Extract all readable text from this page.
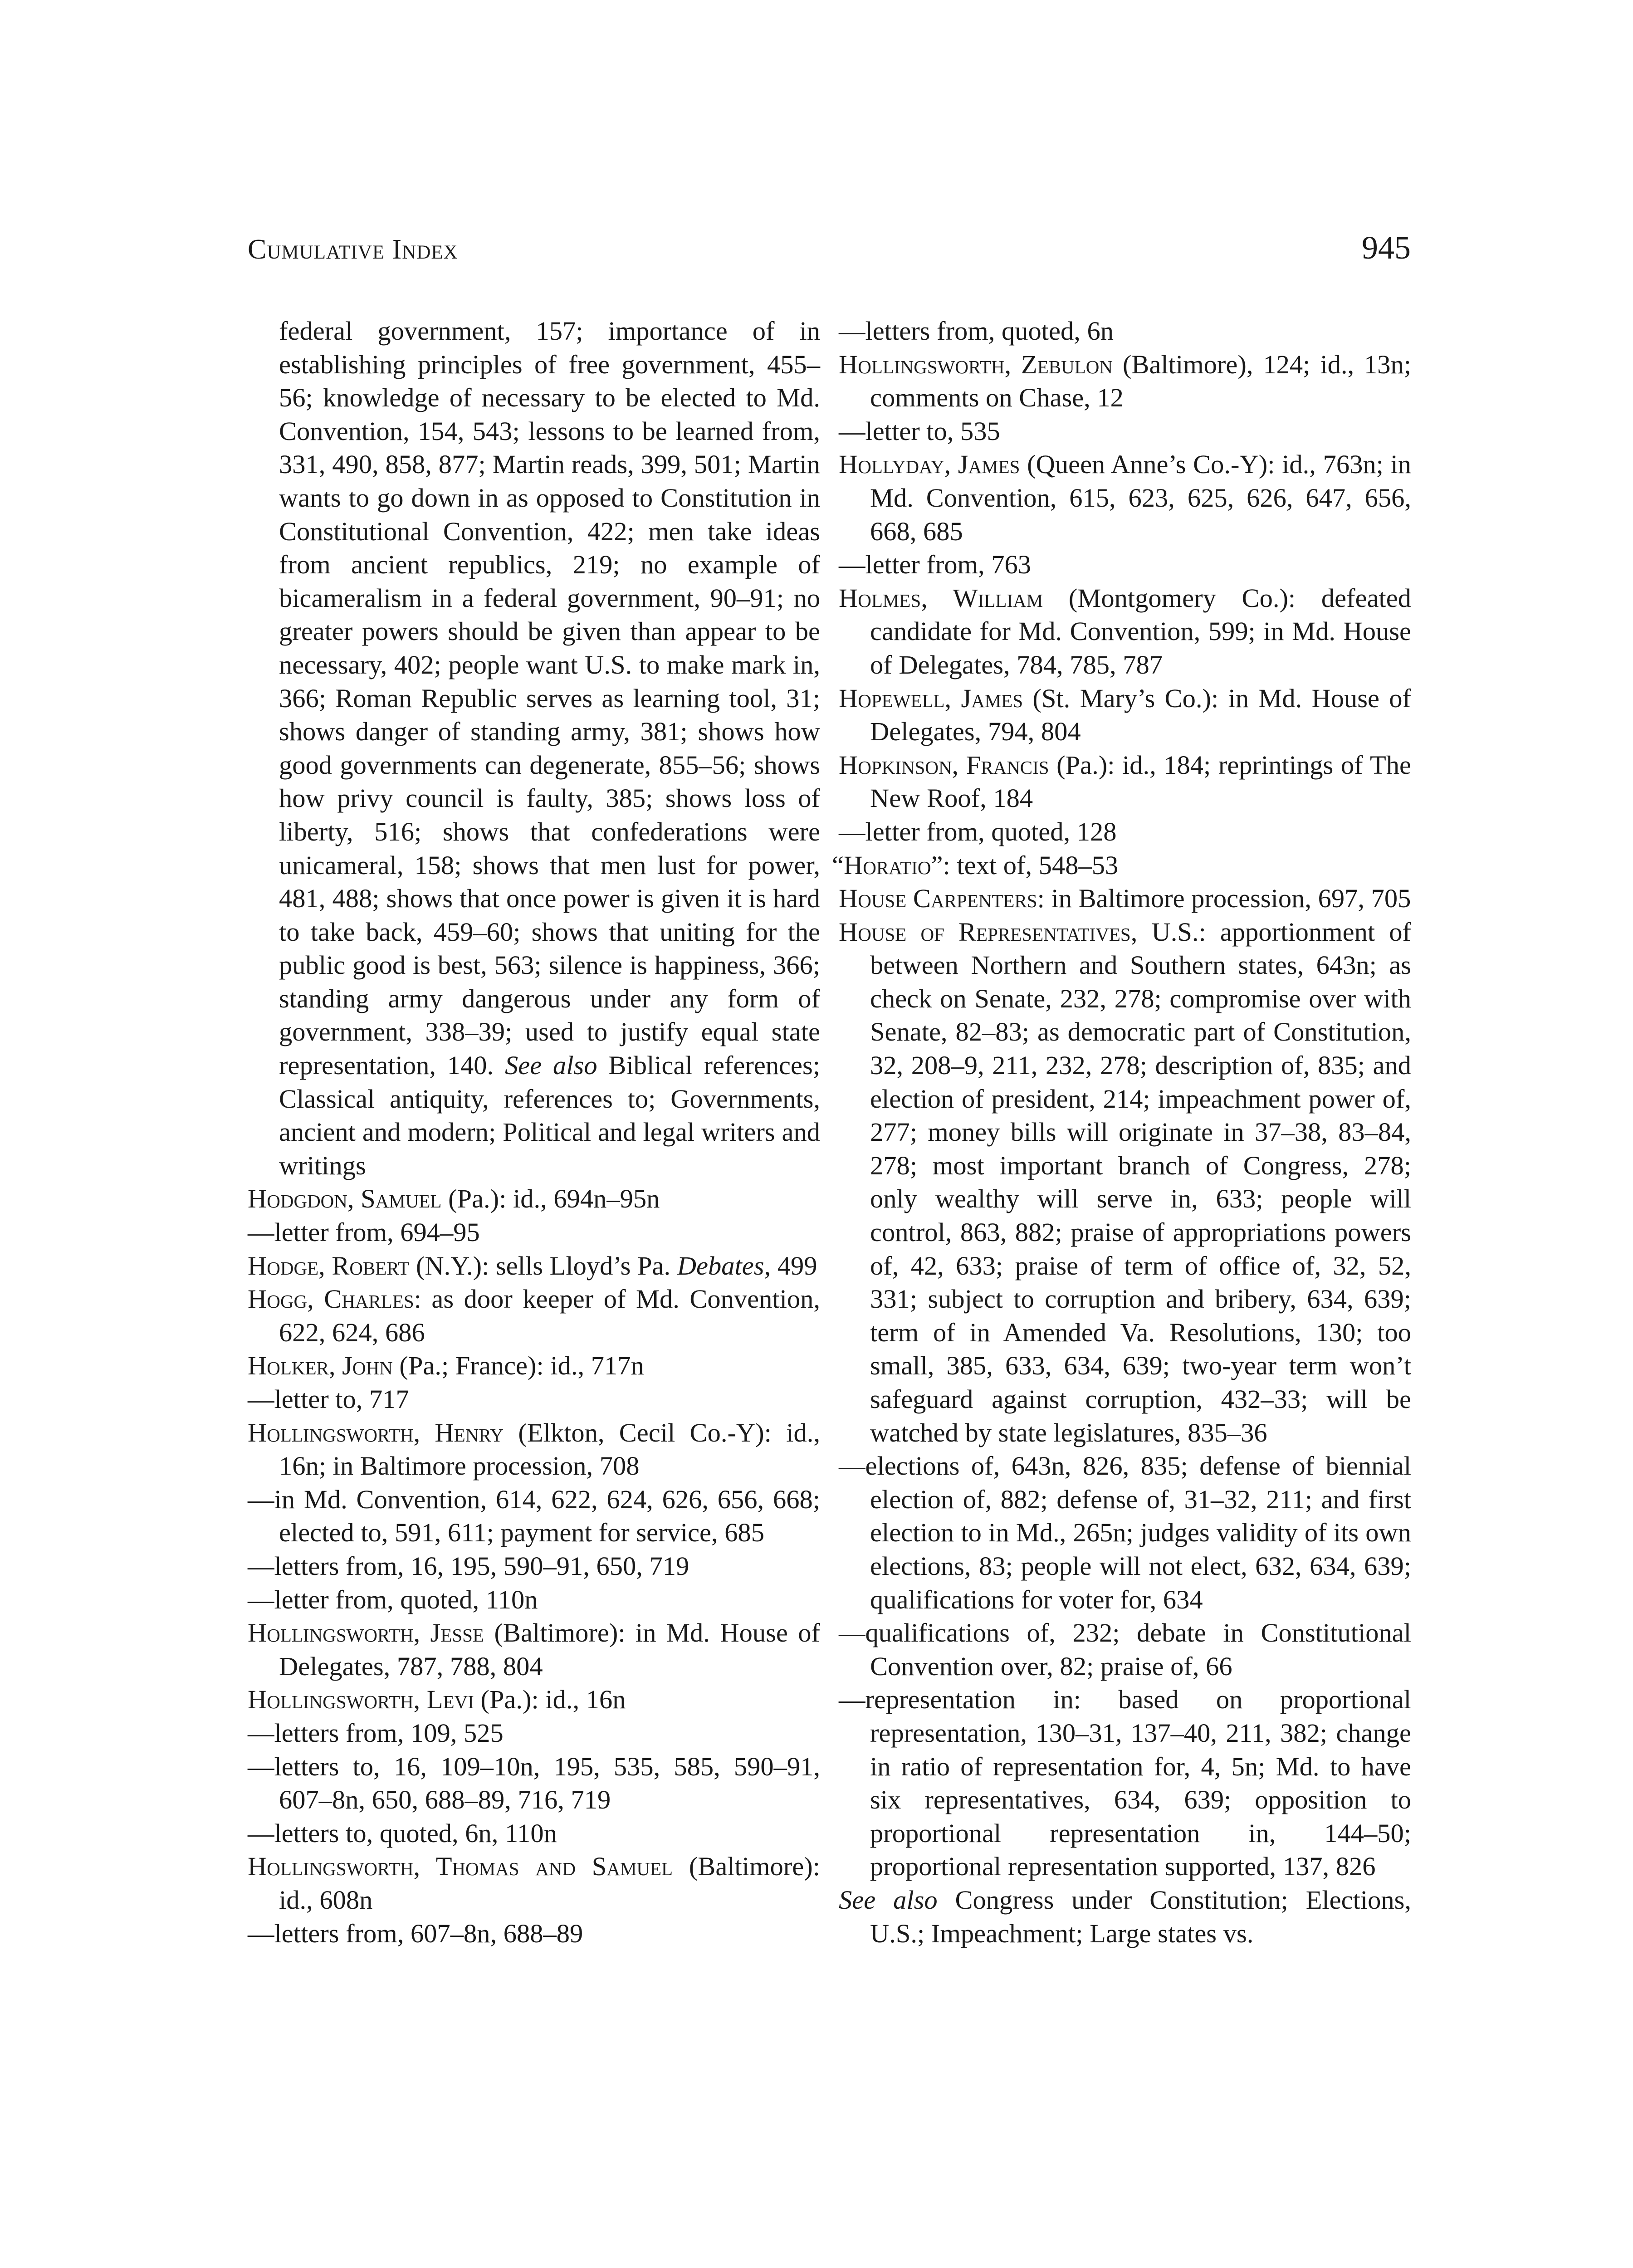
Cumulative Index	945
federal government, 157; importance of in establishing principles of free government, 455–56; knowledge of necessary to be elected to Md. Convention, 154, 543; lessons to be learned from, 331, 490, 858, 877; Martin reads, 399, 501; Martin wants to go down in as opposed to Constitution in Constitutional Convention, 422; men take ideas from ancient republics, 219; no example of bicameralism in a federal government, 90–91; no greater powers should be given than appear to be necessary, 402; people want U.S. to make mark in, 366; Roman Republic serves as learning tool, 31; shows danger of standing army, 381; shows how good governments can degenerate, 855–56; shows how privy council is faulty, 385; shows loss of liberty, 516; shows that confederations were unicameral, 158; shows that men lust for power, 481, 488; shows that once power is given it is hard to take back, 459–60; shows that uniting for the public good is best, 563; silence is happiness, 366; standing army dangerous under any form of government, 338–39; used to justify equal state representation, 140. See also Biblical references; Classical antiquity, references to; Governments, ancient and modern; Political and legal writers and writings
Hodgdon, Samuel (Pa.): id., 694n–95n
—letter from, 694–95
Hodge, Robert (N.Y.): sells Lloyd’s Pa. Debates, 499
Hogg, Charles: as door keeper of Md. Convention, 622, 624, 686
Holker, John (Pa.; France): id., 717n
—letter to, 717
Hollingsworth, Henry (Elkton, Cecil Co.-Y): id., 16n; in Baltimore procession, 708
—in Md. Convention, 614, 622, 624, 626, 656, 668; elected to, 591, 611; payment for service, 685
—letters from, 16, 195, 590–91, 650, 719
—letter from, quoted, 110n
Hollingsworth, Jesse (Baltimore): in Md. House of Delegates, 787, 788, 804
Hollingsworth, Levi (Pa.): id., 16n
—letters from, 109, 525
—letters to, 16, 109–10n, 195, 535, 585, 590–91, 607–8n, 650, 688–89, 716, 719
—letters to, quoted, 6n, 110n
Hollingsworth, Thomas and Samuel (Baltimore): id., 608n
—letters from, 607–8n, 688–89
—letters from, quoted, 6n
Hollingsworth, Zebulon (Baltimore), 124; id., 13n; comments on Chase, 12
—letter to, 535
Hollyday, James (Queen Anne’s Co.-Y): id., 763n; in Md. Convention, 615, 623, 625, 626, 647, 656, 668, 685
—letter from, 763
Holmes, William (Montgomery Co.): defeated candidate for Md. Convention, 599; in Md. House of Delegates, 784, 785, 787
Hopewell, James (St. Mary’s Co.): in Md. House of Delegates, 794, 804
Hopkinson, Francis (Pa.): id., 184; reprintings of The New Roof, 184
—letter from, quoted, 128
“Horatio”: text of, 548–53
House Carpenters: in Baltimore procession, 697, 705
House of Representatives, U.S.: apportionment of between Northern and Southern states, 643n; as check on Senate, 232, 278; compromise over with Senate, 82–83; as democratic part of Constitution, 32, 208–9, 211, 232, 278; description of, 835; and election of president, 214; impeachment power of, 277; money bills will originate in 37–38, 83–84, 278; most important branch of Congress, 278; only wealthy will serve in, 633; people will control, 863, 882; praise of appropriations powers of, 42, 633; praise of term of office of, 32, 52, 331; subject to corruption and bribery, 634, 639; term of in Amended Va. Resolutions, 130; too small, 385, 633, 634, 639; two-year term won’t safeguard against corruption, 432–33; will be watched by state legislatures, 835–36
—elections of, 643n, 826, 835; defense of biennial election of, 882; defense of, 31–32, 211; and first election to in Md., 265n; judges validity of its own elections, 83; people will not elect, 632, 634, 639; qualifications for voter for, 634
—qualifications of, 232; debate in Constitutional Convention over, 82; praise of, 66
—representation in: based on proportional representation, 130–31, 137–40, 211, 382; change in ratio of representation for, 4, 5n; Md. to have six representatives, 634, 639; opposition to proportional representation in, 144–50; proportional representation supported, 137, 826
See also Congress under Constitution; Elections, U.S.; Impeachment; Large states vs.
